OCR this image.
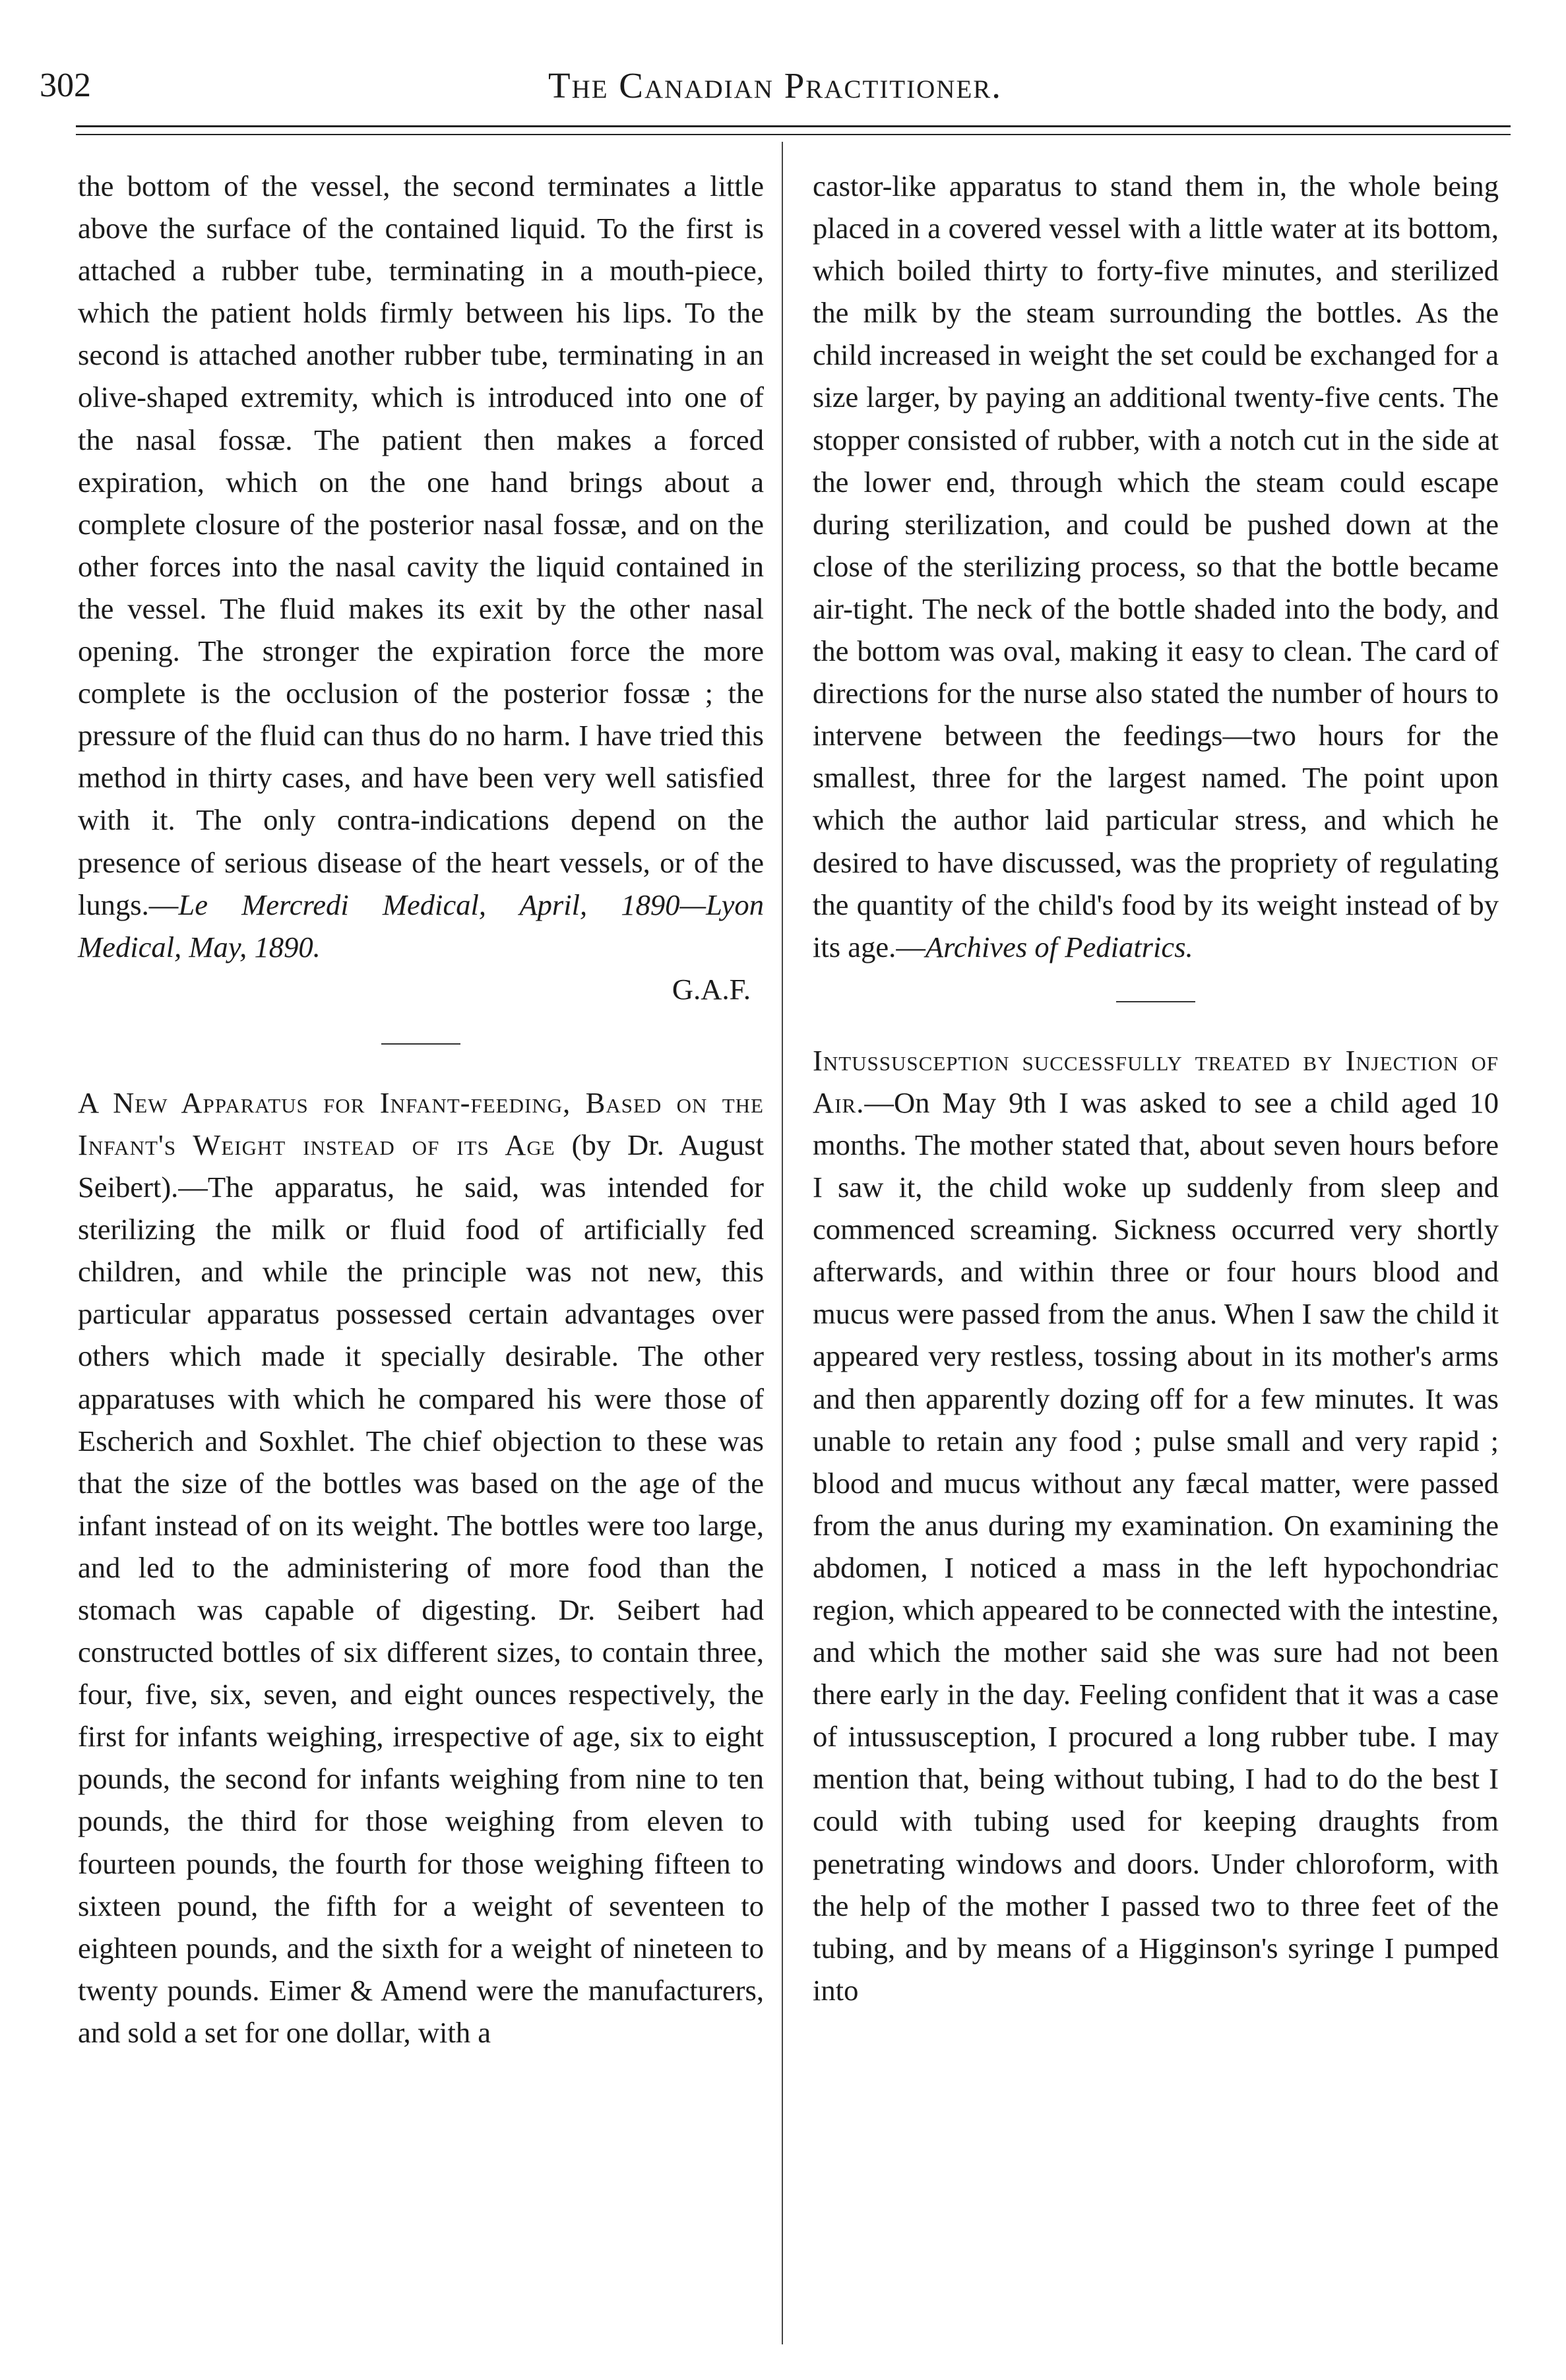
302	The Canadian Practitioner.

the bottom of the vessel, the second terminates a little above the surface of the contained liquid. To the first is attached a rubber tube, terminating in a mouth-piece, which the patient holds firmly between his lips. To the second is attached another rubber tube, terminating in an olive-shaped extremity, which is introduced into one of the nasal fossæ. The patient then makes a forced expiration, which on the one hand brings about a complete closure of the posterior nasal fossæ, and on the other forces into the nasal cavity the liquid contained in the vessel. The fluid makes its exit by the other nasal opening. The stronger the expiration force the more complete is the occlusion of the posterior fossæ ; the pressure of the fluid can thus do no harm. I have tried this method in thirty cases, and have been very well satisfied with it. The only contra-indications depend on the presence of serious disease of the heart vessels, or of the lungs.—Le Mercredi Medical, April, 1890—Lyon Medical, May, 1890.

G.A.F.

A New Apparatus for Infant-feeding, Based on the Infant's Weight instead of its Age (by Dr. August Seibert).—The apparatus, he said, was intended for sterilizing the milk or fluid food of artificially fed children, and while the principle was not new, this particular apparatus possessed certain advantages over others which made it specially desirable. The other apparatuses with which he compared his were those of Escherich and Soxhlet. The chief objection to these was that the size of the bottles was based on the age of the infant instead of on its weight. The bottles were too large, and led to the administering of more food than the stomach was capable of digesting. Dr. Seibert had constructed bottles of six different sizes, to contain three, four, five, six, seven, and eight ounces respectively, the first for infants weighing, irrespective of age, six to eight pounds, the second for infants weighing from nine to ten pounds, the third for those weighing from eleven to fourteen pounds, the fourth for those weighing fifteen to sixteen pound, the fifth for a weight of seventeen to eighteen pounds, and the sixth for a weight of nineteen to twenty pounds. Eimer & Amend were the manufacturers, and sold a set for one dollar, with a

castor-like apparatus to stand them in, the whole being placed in a covered vessel with a little water at its bottom, which boiled thirty to forty-five minutes, and sterilized the milk by the steam surrounding the bottles. As the child increased in weight the set could be exchanged for a size larger, by paying an additional twenty-five cents. The stopper consisted of rubber, with a notch cut in the side at the lower end, through which the steam could escape during sterilization, and could be pushed down at the close of the sterilizing process, so that the bottle became air-tight. The neck of the bottle shaded into the body, and the bottom was oval, making it easy to clean. The card of directions for the nurse also stated the number of hours to intervene between the feedings—two hours for the smallest, three for the largest named. The point upon which the author laid particular stress, and which he desired to have discussed, was the propriety of regulating the quantity of the child's food by its weight instead of by its age.—Archives of Pediatrics.

Intussusception successfully treated by Injection of Air.—On May 9th I was asked to see a child aged 10 months. The mother stated that, about seven hours before I saw it, the child woke up suddenly from sleep and commenced screaming. Sickness occurred very shortly afterwards, and within three or four hours blood and mucus were passed from the anus. When I saw the child it appeared very restless, tossing about in its mother's arms and then apparently dozing off for a few minutes. It was unable to retain any food ; pulse small and very rapid ; blood and mucus without any fæcal matter, were passed from the anus during my examination. On examining the abdomen, I noticed a mass in the left hypochondriac region, which appeared to be connected with the intestine, and which the mother said she was sure had not been there early in the day. Feeling confident that it was a case of intussusception, I procured a long rubber tube. I may mention that, being without tubing, I had to do the best I could with tubing used for keeping draughts from penetrating windows and doors. Under chloroform, with the help of the mother I passed two to three feet of the tubing, and by means of a Higginson's syringe I pumped into
